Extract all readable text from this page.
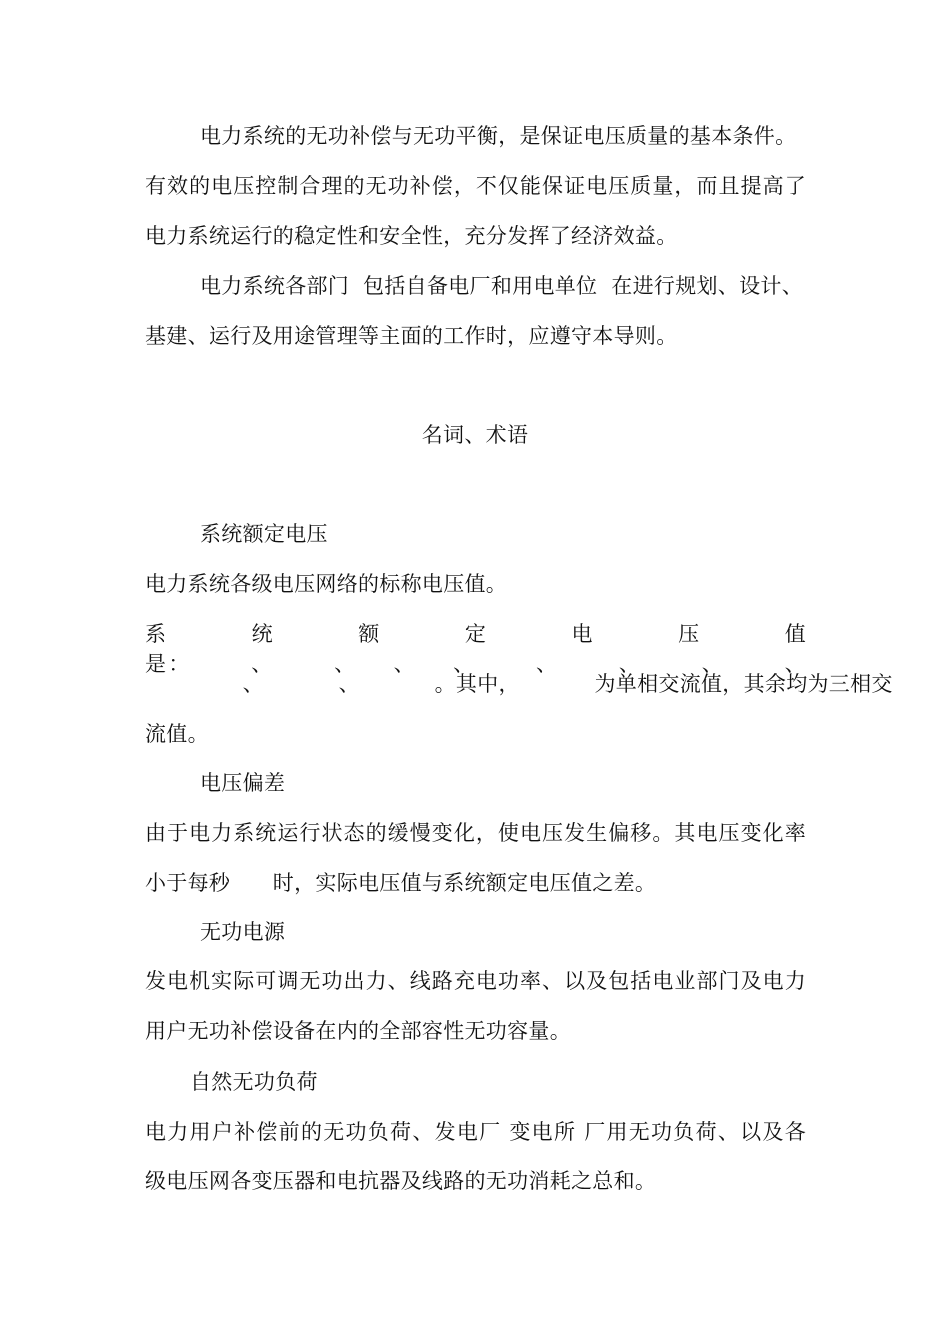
电力系统的无功补偿与无功平衡，是保证电压质量的基本条件。
有效的电压控制合理的无功补偿，不仅能保证电压质量，而且提高了
电力系统运行的稳定性和安全性，充分发挥了经济效益。
电力系统各部门  包括自备电厂和用电单位  在进行规划、设计、
基建、运行及用途管理等主面的工作时，应遵守本导则。
名词、术语
系统额定电压
电力系统各级电压网络的标称电压值。
系统额定电压值是：　　　、　　　、　　、　　、　　　、　　　、　　　、　　　、
　　、　　　　、　　　　。其中，　　　　为单相交流值，其余均为三相交
流值。
电压偏差
由于电力系统运行状态的缓慢变化，使电压发生偏移。其电压变化率
小于每秒　　时，实际电压值与系统额定电压值之差。
无功电源
发电机实际可调无功出力、线路充电功率、以及包括电业部门及电力
用户无功补偿设备在内的全部容性无功容量。
自然无功负荷
电力用户补偿前的无功负荷、发电厂 变电所 厂用无功负荷、以及各
级电压网各变压器和电抗器及线路的无功消耗之总和。
